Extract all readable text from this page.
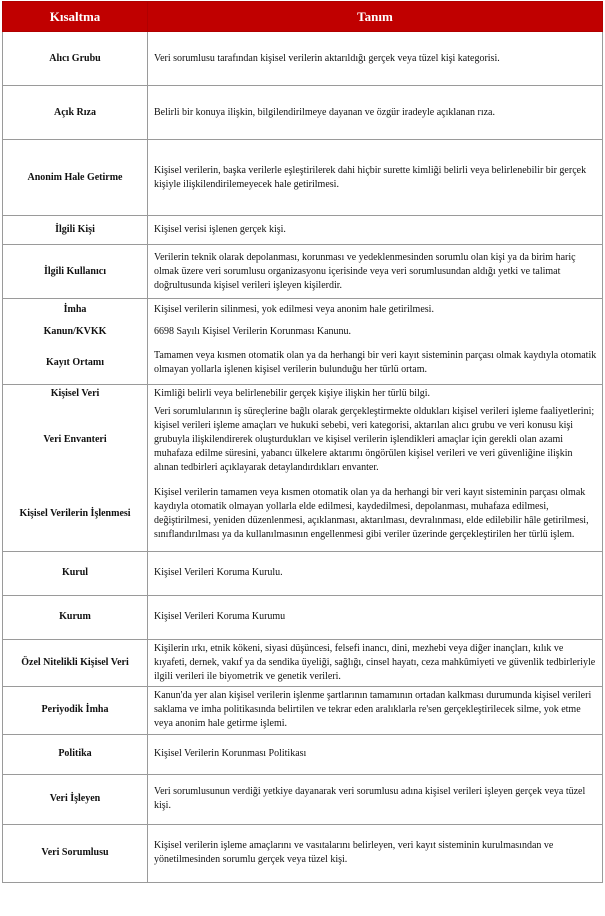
Kısaltma	Tanım
Alıcı Grubu	Veri sorumlusu tarafından kişisel verilerin aktarıldığı gerçek veya tüzel kişi kategorisi.
Açık Rıza	Belirli bir konuya ilişkin, bilgilendirilmeye dayanan ve özgür iradeyle açıklanan rıza.
Anonim Hale Getirme	Kişisel verilerin, başka verilerle eşleştirilerek dahi hiçbir surette kimliği belirli veya belirlenebilir bir gerçek kişiyle ilişkilendirilemeyecek hale getirilmesi.
İlgili Kişi	Kişisel verisi işlenen gerçek kişi.
İlgili Kullanıcı	Verilerin teknik olarak depolanması, korunması ve yedeklenmesinden sorumlu olan kişi ya da birim hariç olmak üzere veri sorumlusu organizasyonu içerisinde veya veri sorumlusundan aldığı yetki ve talimat doğrultusunda kişisel verileri işleyen kişilerdir.
İmha	Kişisel verilerin silinmesi, yok edilmesi veya anonim hale getirilmesi.
Kanun/KVKK	6698 Sayılı Kişisel Verilerin Korunması Kanunu.
Kayıt Ortamı	Tamamen veya kısmen otomatik olan ya da herhangi bir veri kayıt sisteminin parçası olmak kaydıyla otomatik olmayan yollarla işlenen kişisel verilerin bulunduğu her türlü ortam.
Kişisel Veri	Kimliği belirli veya belirlenebilir gerçek kişiye ilişkin her türlü bilgi.
Veri Envanteri	Veri sorumlularının iş süreçlerine bağlı olarak gerçekleştirmekte oldukları kişisel verileri işleme faaliyetlerini; kişisel verileri işleme amaçları ve hukuki sebebi, veri kategorisi, aktarılan alıcı grubu ve veri konusu kişi grubuyla ilişkilendirerek oluşturdukları ve kişisel verilerin işlendikleri amaçlar için gerekli olan azami muhafaza edilme süresini, yabancı ülkelere aktarımı öngörülen kişisel verileri ve veri güvenliğine ilişkin alınan tedbirleri açıklayarak detaylandırdıkları envanter.
Kişisel Verilerin İşlenmesi	Kişisel verilerin tamamen veya kısmen otomatik olan ya da herhangi bir veri kayıt sisteminin parçası olmak kaydıyla otomatik olmayan yollarla elde edilmesi, kaydedilmesi, depolanması, muhafaza edilmesi, değiştirilmesi, yeniden düzenlenmesi, açıklanması, aktarılması, devralınması, elde edilebilir hâle getirilmesi, sınıflandırılması ya da kullanılmasının engellenmesi gibi veriler üzerinde gerçekleştirilen her türlü işlem.
Kurul	Kişisel Verileri Koruma Kurulu.
Kurum	Kişisel Verileri Koruma Kurumu
Özel Nitelikli Kişisel Veri	Kişilerin ırkı, etnik kökeni, siyasi düşüncesi, felsefi inancı, dini, mezhebi veya diğer inançları, kılık ve kıyafeti, dernek, vakıf ya da sendika üyeliği, sağlığı, cinsel hayatı, ceza mahkûmiyeti ve güvenlik tedbirleriyle ilgili verileri ile biyometrik ve genetik verileri.
Periyodik İmha	Kanun'da yer alan kişisel verilerin işlenme şartlarının tamamının ortadan kalkması durumunda kişisel verileri saklama ve imha politikasında belirtilen ve tekrar eden aralıklarla re'sen gerçekleştirilecek silme, yok etme veya anonim hale getirme işlemi.
Politika	Kişisel Verilerin Korunması Politikası
Veri İşleyen	Veri sorumlusunun verdiği yetkiye dayanarak veri sorumlusu adına kişisel verileri işleyen gerçek veya tüzel kişi.
Veri Sorumlusu	Kişisel verilerin işleme amaçlarını ve vasıtalarını belirleyen, veri kayıt sisteminin kurulmasından ve yönetilmesinden sorumlu gerçek veya tüzel kişi.
